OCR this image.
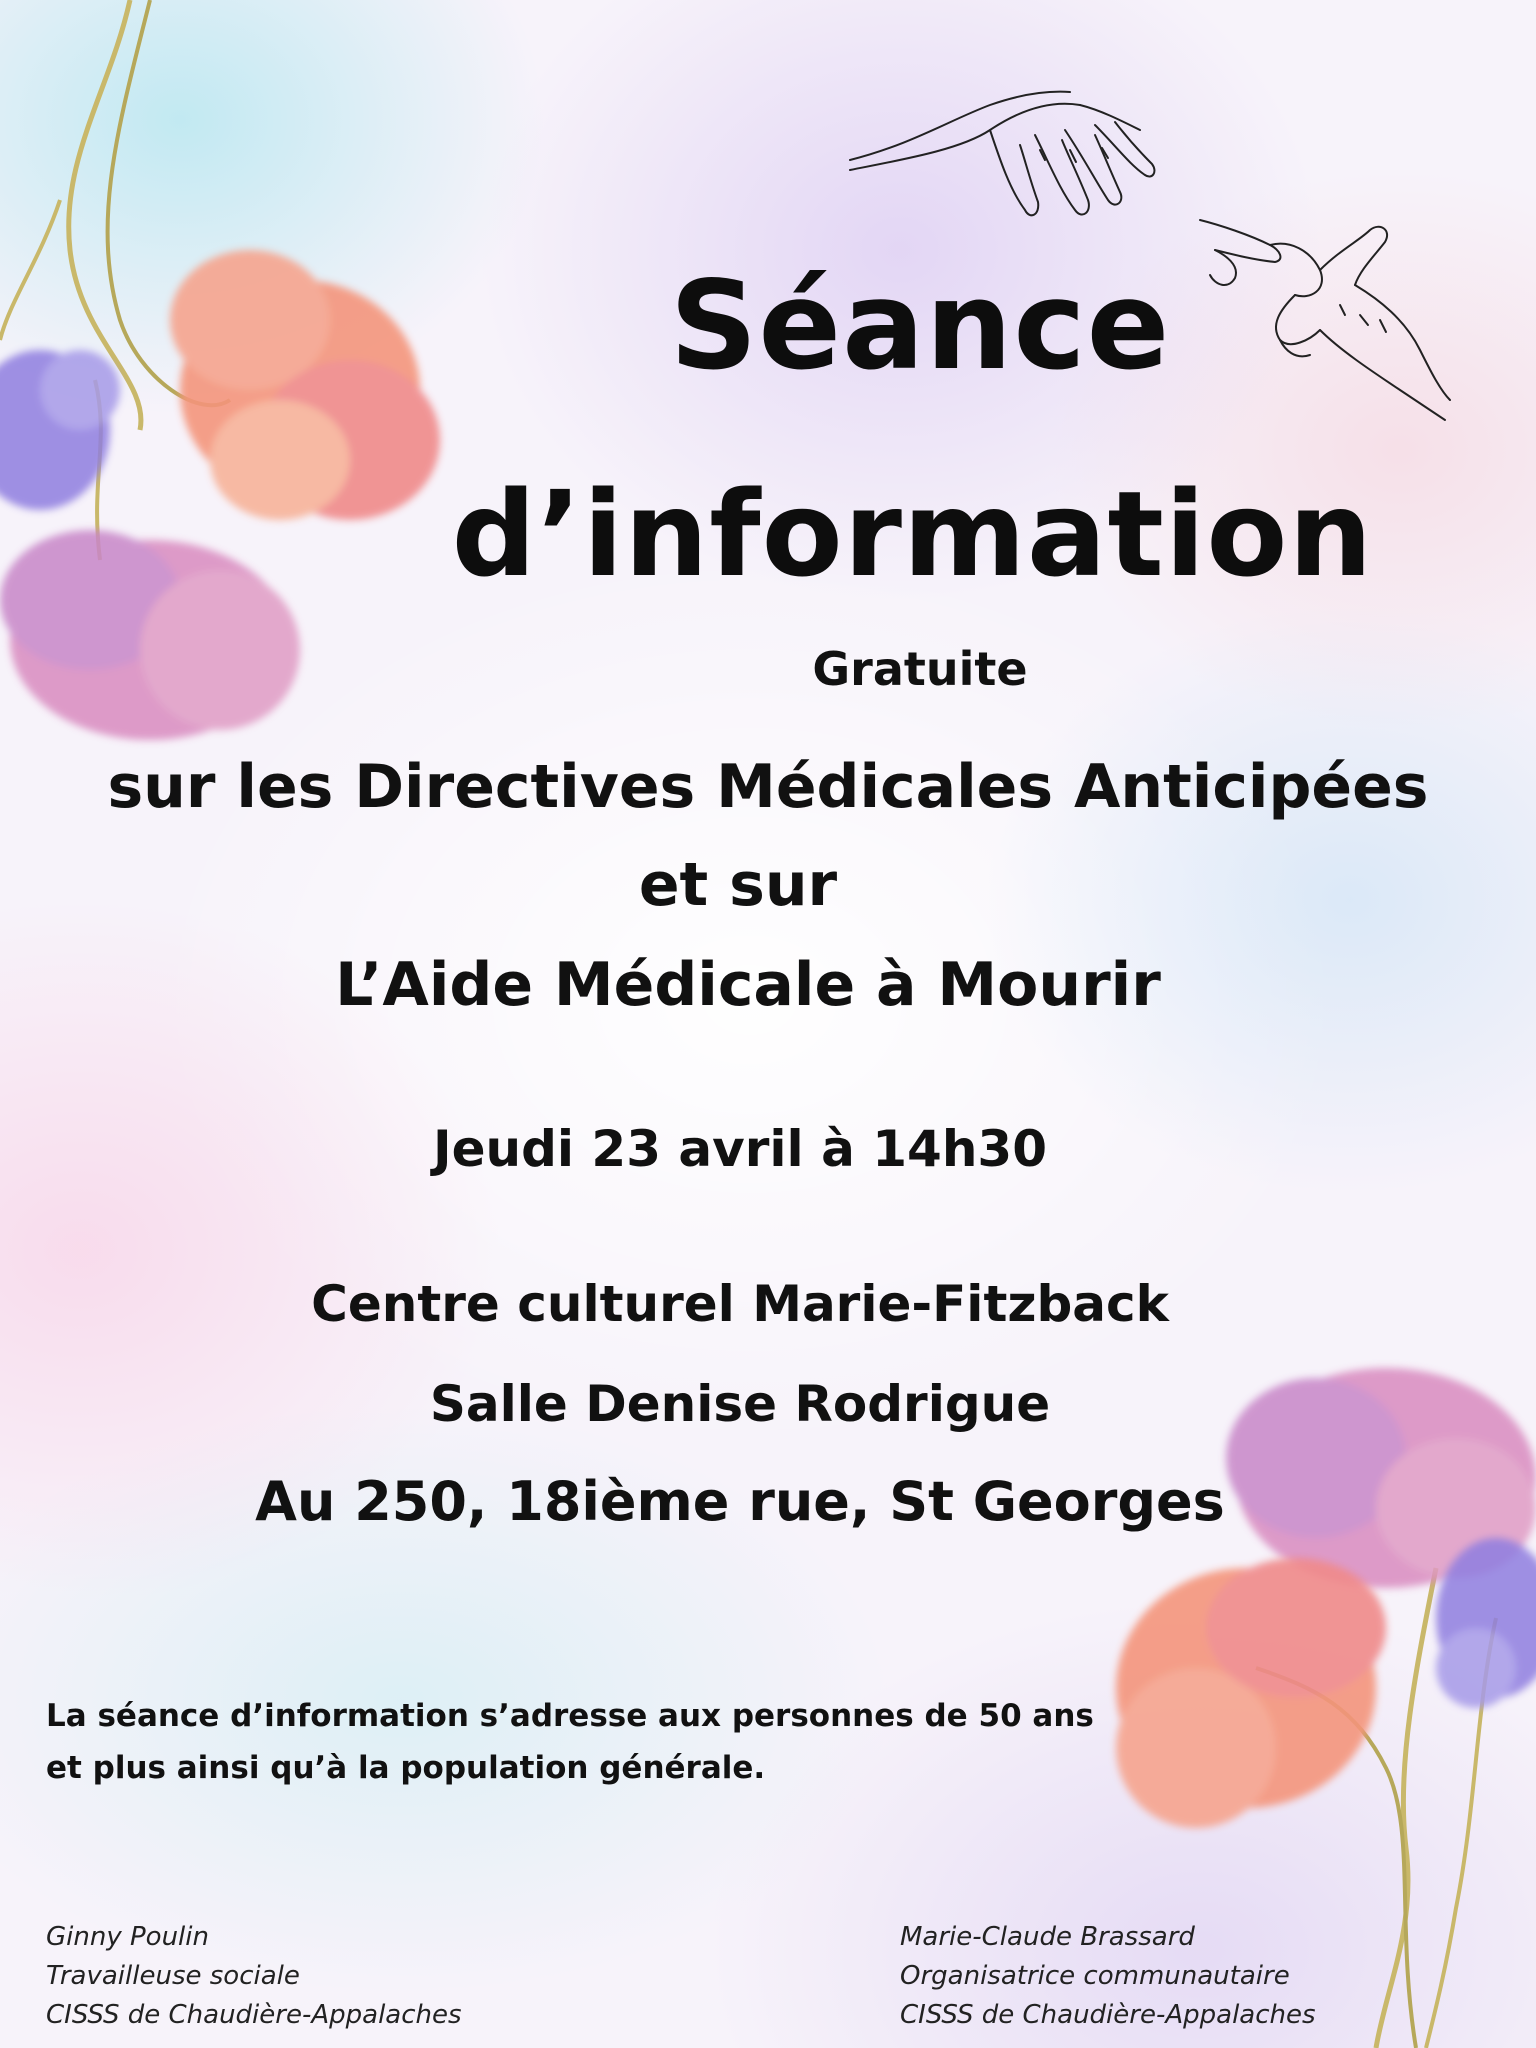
Séance
d’information
Gratuite
sur les Directives Médicales Anticipées
et sur
L’Aide Médicale à Mourir
Jeudi 23 avril à 14h30
Centre culturel Marie-Fitzback
Salle Denise Rodrigue
Au 250, 18ième rue, St Georges
La séance d’information s’adresse aux personnes de 50 ans
et plus ainsi qu’à la population générale.
Ginny Poulin
Travailleuse sociale
CISSS de Chaudière-Appalaches
Marie-Claude Brassard
Organisatrice communautaire
CISSS de Chaudière-Appalaches
